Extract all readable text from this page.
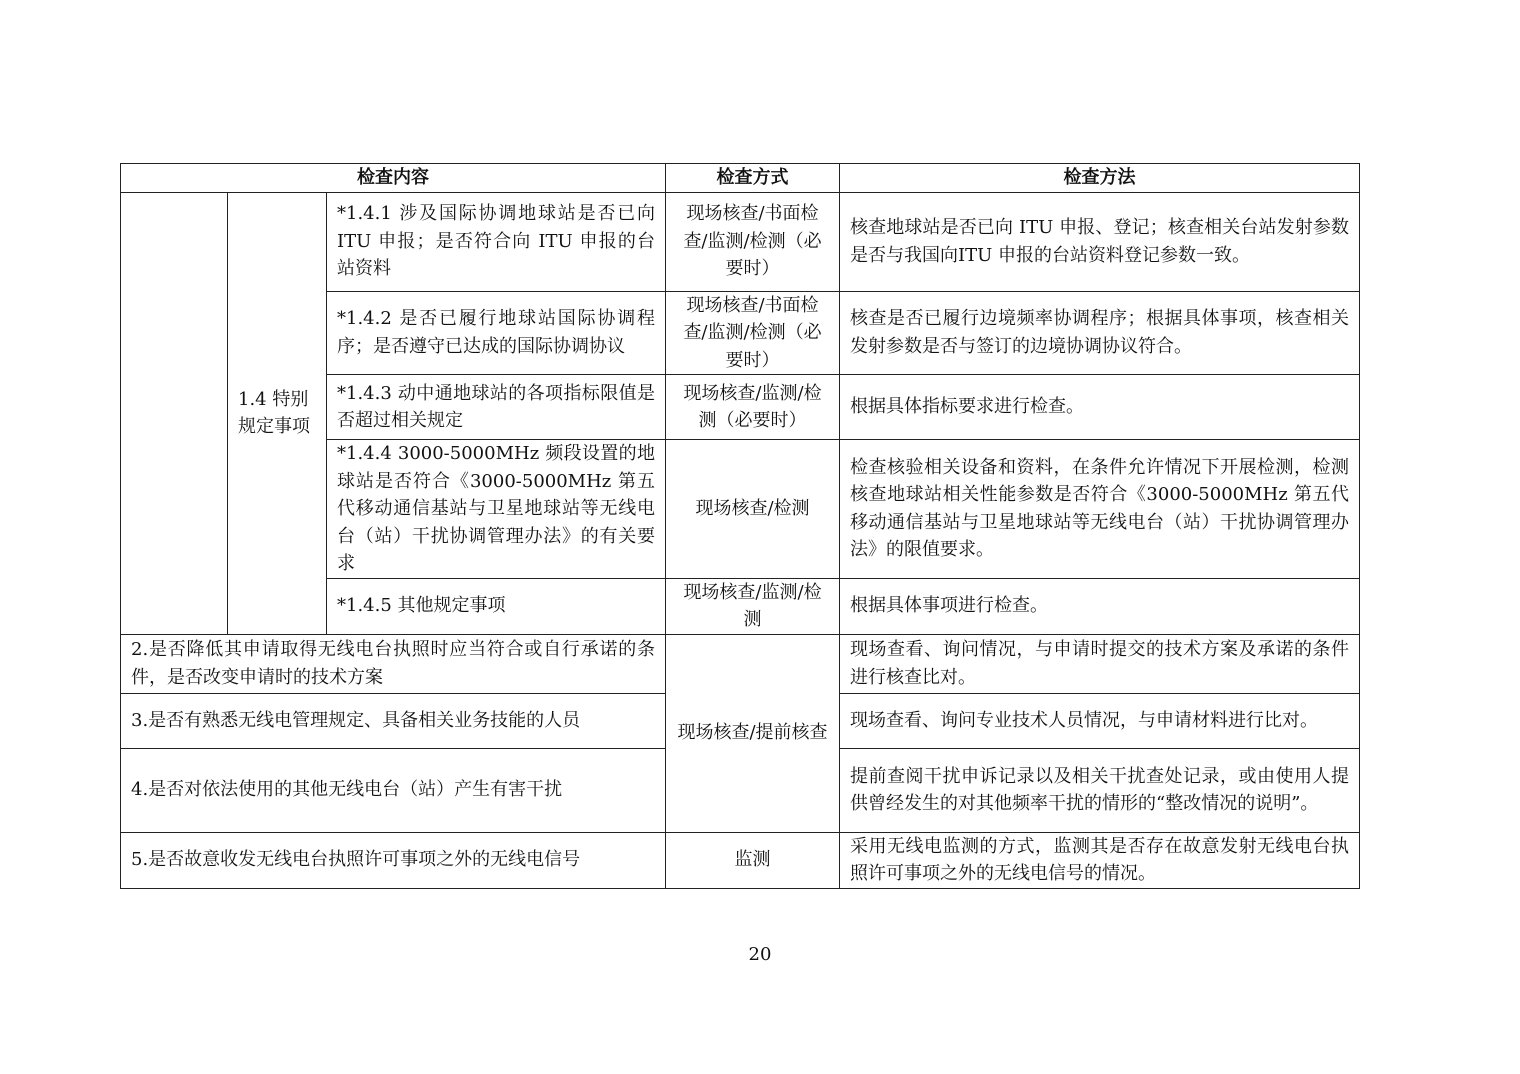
检查内容			检查方式	检查方法
	1.4 特别规定事项	*1.4.1 涉及国际协调地球站是否已向 ITU 申报；是否符合向 ITU 申报的台站资料	现场核查/书面检查/监测/检测（必要时）	核查地球站是否已向 ITU 申报、登记；核查相关台站发射参数是否与我国向ITU 申报的台站资料登记参数一致。
		*1.4.2 是否已履行地球站国际协调程序；是否遵守已达成的国际协调协议	现场核查/书面检查/监测/检测（必要时）	核查是否已履行边境频率协调程序；根据具体事项，核查相关发射参数是否与签订的边境协调协议符合。
		*1.4.3 动中通地球站的各项指标限值是否超过相关规定	现场核查/监测/检测（必要时）	根据具体指标要求进行检查。
		*1.4.4 3000-5000MHz 频段设置的地球站是否符合《3000-5000MHz 第五代移动通信基站与卫星地球站等无线电台（站）干扰协调管理办法》的有关要求	现场核查/检测	检查核验相关设备和资料，在条件允许情况下开展检测，检测核查地球站相关性能参数是否符合《3000-5000MHz 第五代移动通信基站与卫星地球站等无线电台（站）干扰协调管理办法》的限值要求。
		*1.4.5 其他规定事项	现场核查/监测/检测	根据具体事项进行检查。
2.是否降低其申请取得无线电台执照时应当符合或自行承诺的条件，是否改变申请时的技术方案			现场核查/提前核查	现场查看、询问情况，与申请时提交的技术方案及承诺的条件进行核查比对。
3.是否有熟悉无线电管理规定、具备相关业务技能的人员				现场查看、询问专业技术人员情况，与申请材料进行比对。
4.是否对依法使用的其他无线电台（站）产生有害干扰				提前查阅干扰申诉记录以及相关干扰查处记录，或由使用人提供曾经发生的对其他频率干扰的情形的“整改情况的说明”。
5.是否故意收发无线电台执照许可事项之外的无线电信号			监测	采用无线电监测的方式，监测其是否存在故意发射无线电台执照许可事项之外的无线电信号的情况。
20
